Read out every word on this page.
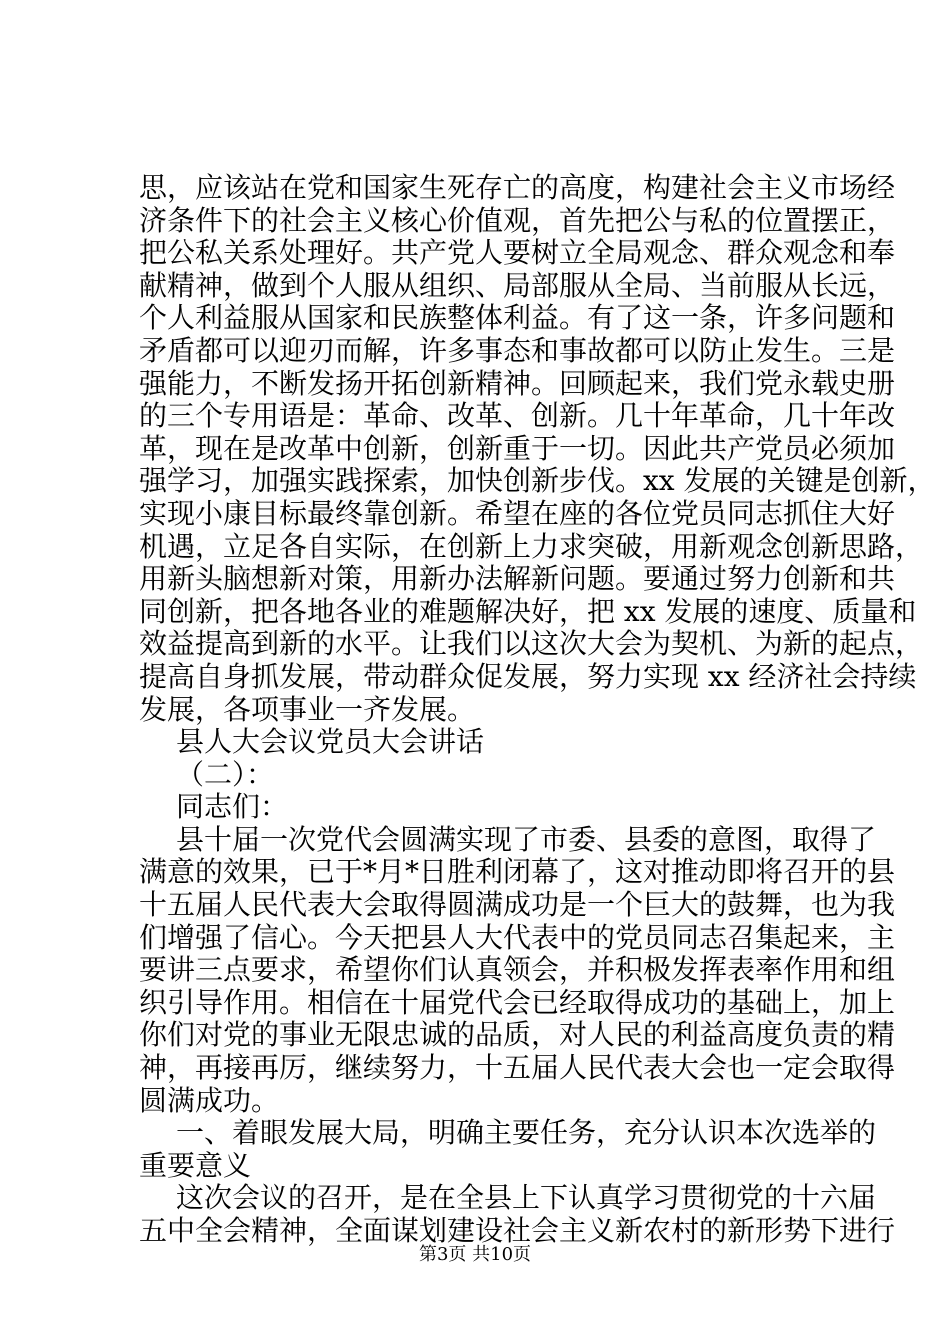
思，应该站在党和国家生死存亡的高度，构建社会主义市场经
济条件下的社会主义核心价值观，首先把公与私的位置摆正，
把公私关系处理好。共产党人要树立全局观念、群众观念和奉
献精神，做到个人服从组织、局部服从全局、当前服从长远，
个人利益服从国家和民族整体利益。有了这一条，许多问题和
矛盾都可以迎刃而解，许多事态和事故都可以防止发生。三是
强能力，不断发扬开拓创新精神。回顾起来，我们党永载史册
的三个专用语是：革命、改革、创新。几十年革命，几十年改
革，现在是改革中创新，创新重于一切。因此共产党员必须加
强学习，加强实践探索，加快创新步伐。xx 发展的关键是创新，
实现小康目标最终靠创新。希望在座的各位党员同志抓住大好
机遇，立足各自实际，在创新上力求突破，用新观念创新思路，
用新头脑想新对策，用新办法解新问题。要通过努力创新和共
同创新，把各地各业的难题解决好，把 xx 发展的速度、质量和
效益提高到新的水平。让我们以这次大会为契机、为新的起点，
提高自身抓发展，带动群众促发展，努力实现 xx 经济社会持续
发展，各项事业一齐发展。
县人大会议党员大会讲话
（二）：
同志们：
县十届一次党代会圆满实现了市委、县委的意图，取得了
满意的效果，已于*月*日胜利闭幕了，这对推动即将召开的县
十五届人民代表大会取得圆满成功是一个巨大的鼓舞，也为我
们增强了信心。今天把县人大代表中的党员同志召集起来，主
要讲三点要求，希望你们认真领会，并积极发挥表率作用和组
织引导作用。相信在十届党代会已经取得成功的基础上，加上
你们对党的事业无限忠诚的品质，对人民的利益高度负责的精
神，再接再厉，继续努力，十五届人民代表大会也一定会取得
圆满成功。
一、着眼发展大局，明确主要任务，充分认识本次选举的
重要意义
这次会议的召开，是在全县上下认真学习贯彻党的十六届
五中全会精神，全面谋划建设社会主义新农村的新形势下进行
第3页 共10页
